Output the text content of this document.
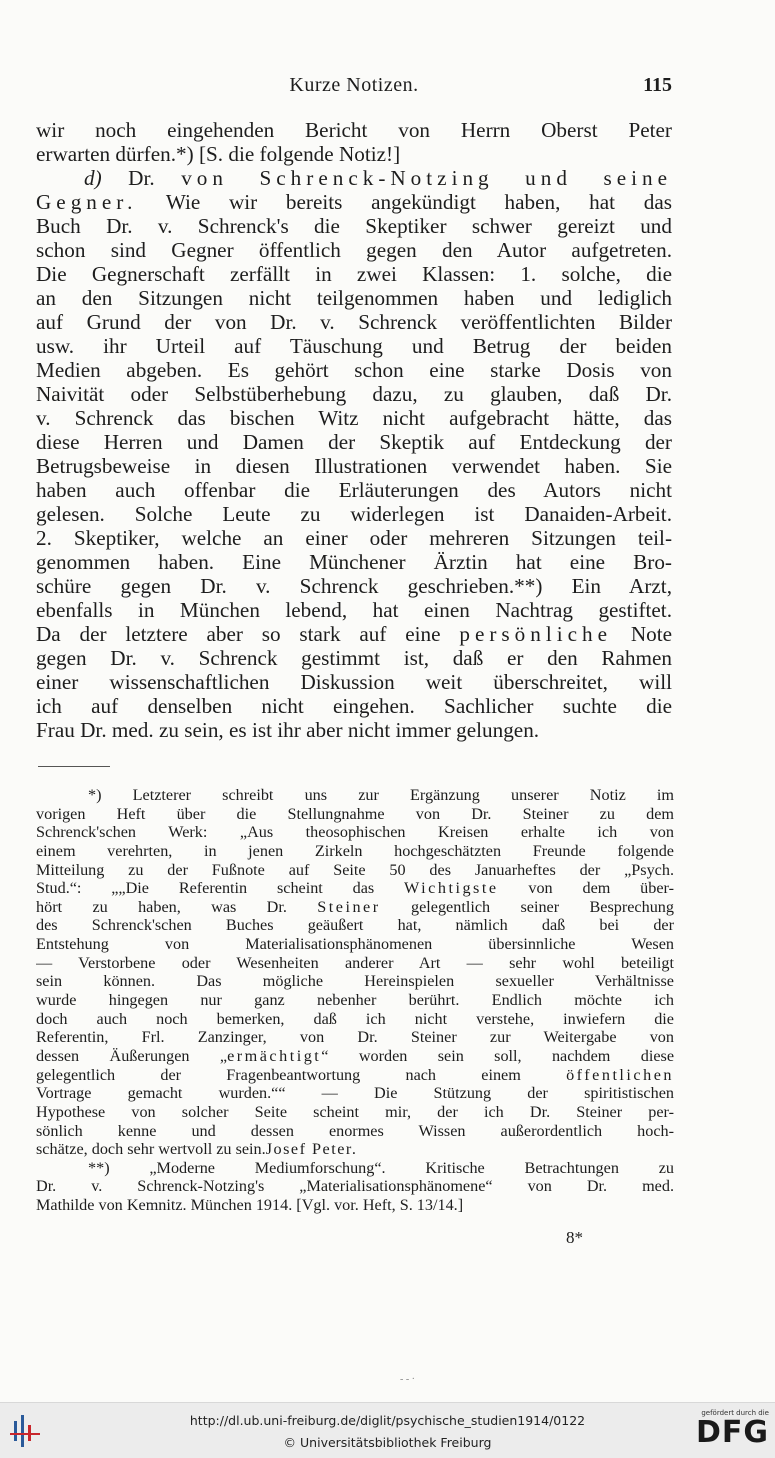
Kurze Notizen.	115
wir noch eingehenden Bericht von Herrn Oberst Peter
erwarten dürfen.*) [S. die folgende Notiz!]
d) Dr. von Schrenck-Notzing und seine
Gegner. Wie wir bereits angekündigt haben, hat das
Buch Dr. v. Schrenck's die Skeptiker schwer gereizt und
schon sind Gegner öffentlich gegen den Autor aufgetreten.
Die Gegnerschaft zerfällt in zwei Klassen: 1. solche, die
an den Sitzungen nicht teilgenommen haben und lediglich
auf Grund der von Dr. v. Schrenck veröffentlichten Bilder
usw. ihr Urteil auf Täuschung und Betrug der beiden
Medien abgeben. Es gehört schon eine starke Dosis von
Naivität oder Selbstüberhebung dazu, zu glauben, daß Dr.
v. Schrenck das bischen Witz nicht aufgebracht hätte, das
diese Herren und Damen der Skeptik auf Entdeckung der
Betrugsbeweise in diesen Illustrationen verwendet haben. Sie
haben auch offenbar die Erläuterungen des Autors nicht
gelesen. Solche Leute zu widerlegen ist Danaiden-Arbeit.
2. Skeptiker, welche an einer oder mehreren Sitzungen teil-
genommen haben. Eine Münchener Ärztin hat eine Bro-
schüre gegen Dr. v. Schrenck geschrieben.**) Ein Arzt,
ebenfalls in München lebend, hat einen Nachtrag gestiftet.
Da der letztere aber so stark auf eine persönliche Note
gegen Dr. v. Schrenck gestimmt ist, daß er den Rahmen
einer wissenschaftlichen Diskussion weit überschreitet, will
ich auf denselben nicht eingehen. Sachlicher suchte die
Frau Dr. med. zu sein, es ist ihr aber nicht immer gelungen.
*) Letzterer schreibt uns zur Ergänzung unserer Notiz im
vorigen Heft über die Stellungnahme von Dr. Steiner zu dem
Schrenck'schen Werk: „Aus theosophischen Kreisen erhalte ich von
einem verehrten, in jenen Zirkeln hochgeschätzten Freunde folgende
Mitteilung zu der Fußnote auf Seite 50 des Januarheftes der „Psych.
Stud.“: „„Die Referentin scheint das Wichtigste von dem über-
hört zu haben, was Dr. Steiner gelegentlich seiner Besprechung
des Schrenck'schen Buches geäußert hat, nämlich daß bei der
Entstehung von Materialisationsphänomenen übersinnliche Wesen
— Verstorbene oder Wesenheiten anderer Art — sehr wohl beteiligt
sein können. Das mögliche Hereinspielen sexueller Verhältnisse
wurde hingegen nur ganz nebenher berührt. Endlich möchte ich
doch auch noch bemerken, daß ich nicht verstehe, inwiefern die
Referentin, Frl. Zanzinger, von Dr. Steiner zur Weitergabe von
dessen Äußerungen „ermächtigt“ worden sein soll, nachdem diese
gelegentlich der Fragenbeantwortung nach einem öffentlichen
Vortrage gemacht wurden.““ — Die Stützung der spiritistischen
Hypothese von solcher Seite scheint mir, der ich Dr. Steiner per-
sönlich kenne und dessen enormes Wissen außerordentlich hoch-
schätze, doch sehr wertvoll zu sein.Josef Peter.
**) „Moderne Mediumforschung“. Kritische Betrachtungen zu
Dr. v. Schrenck-Notzing's „Materialisationsphänomene“ von Dr. med.
Mathilde von Kemnitz. München 1914. [Vgl. vor. Heft, S. 13/14.]
8*
- - ·
http://dl.ub.uni-freiburg.de/diglit/psychische_studien1914/0122
© Universitätsbibliothek Freiburg
gefördert durch die
DFG
